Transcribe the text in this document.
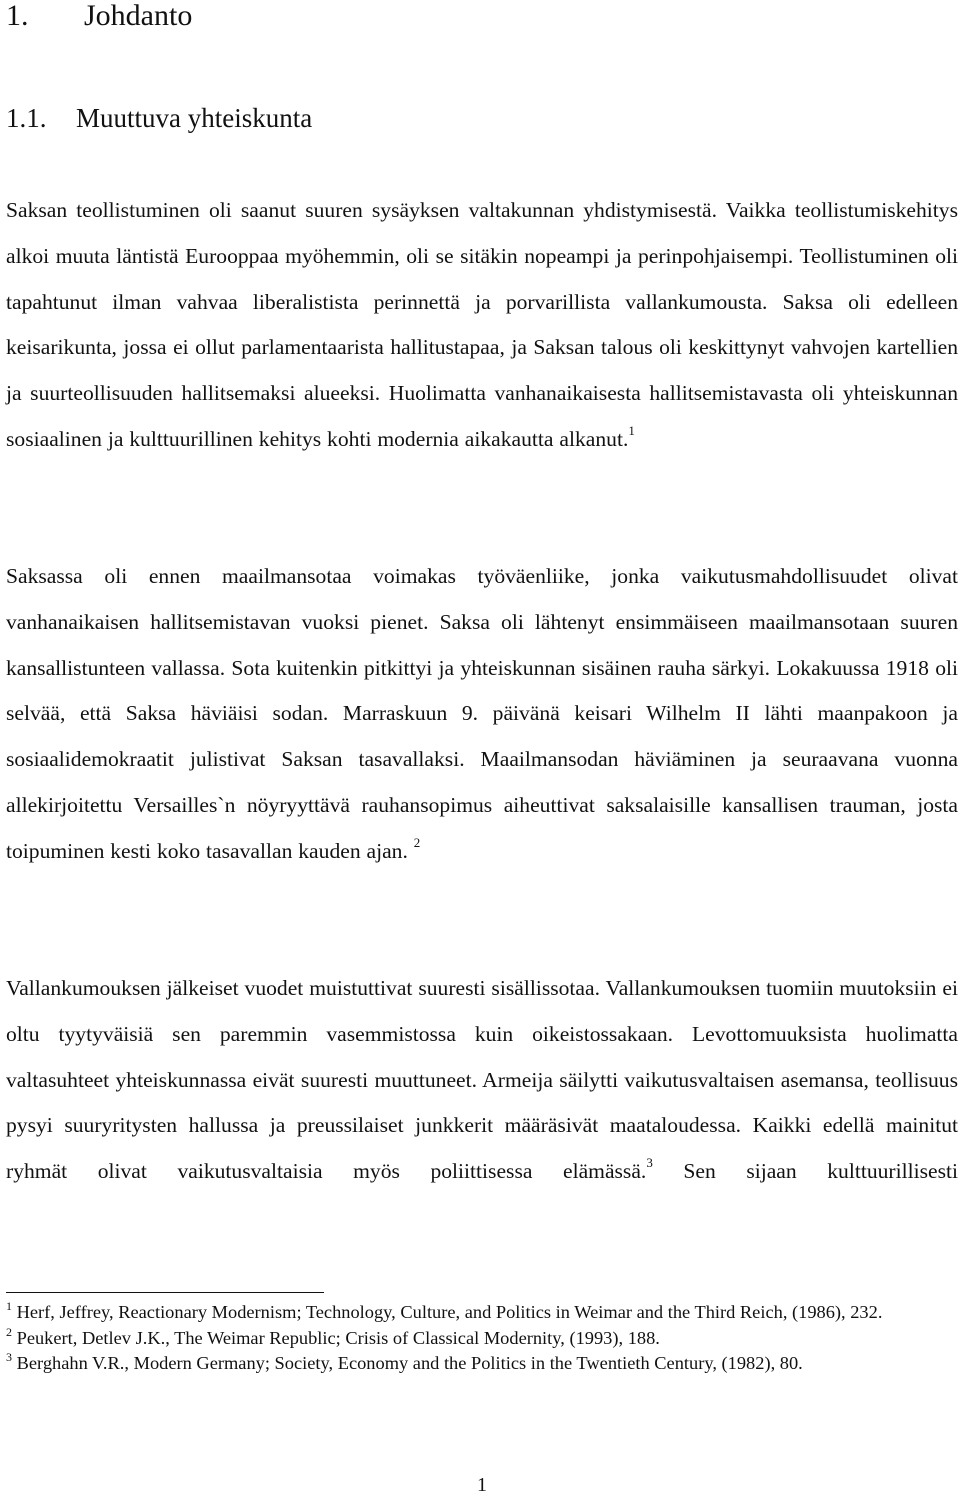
1. Johdanto
1.1. Muuttuva yhteiskunta

Saksan teollistuminen oli saanut suuren sysäyksen valtakunnan yhdistymisestä. Vaikka teollistumiskehitys alkoi muuta läntistä Eurooppaa myöhemmin, oli se sitäkin nopeampi ja perinpohjaisempi. Teollistuminen oli tapahtunut ilman vahvaa liberalistista perinnettä ja porvarillista vallankumousta. Saksa oli edelleen keisarikunta, jossa ei ollut parlamentaarista hallitustapaa, ja Saksan talous oli keskittynyt vahvojen kartellien ja suurteollisuuden hallitsemaksi alueeksi. Huolimatta vanhanaikaisesta hallitsemistavasta oli yhteiskunnan sosiaalinen ja kulttuurillinen kehitys kohti modernia aikakautta alkanut.$^1$

Saksassa oli ennen maailmansotaa voimakas työväenliike, jonka vaikutusmahdollisuudet olivat vanhanaikaisen hallitsemistavan vuoksi pienet. Saksa oli lähtenyt ensimmäiseen maailmansotaan suuren kansallistunteen vallassa. Sota kuitenkin pitkittyi ja yhteiskunnan sisäinen rauha särkyi. Lokakuussa 1918 oli selvää, että Saksa häviäisi sodan. Marraskuun 9. päivänä keisari Wilhelm II lähti maanpakoon ja sosiaalidemokraatit julistivat Saksan tasavallaksi. Maailmansodan häviäminen ja seuraavana vuonna allekirjoitettu Versailles`n nöyryyttävä rauhansopimus aiheuttivat saksalaisille kansallisen trauman, josta toipuminen kesti koko tasavallan kauden ajan. $^2$

Vallankumouksen jälkeiset vuodet muistuttivat suuresti sisällissotaa. Vallankumouksen tuomiin muutoksiin ei oltu tyytyväisiä sen paremmin vasemmistossa kuin oikeistossakaan. Levottomuuksista huolimatta valtasuhteet yhteiskunnassa eivät suuresti muuttuneet. Armeija säilytti vaikutusvaltaisen asemansa, teollisuus pysyi suuryritysten hallussa ja preussilaiset junkkerit määräsivät maataloudessa. Kaikki edellä mainitut ryhmät olivat vaikutusvaltaisia myös poliittisessa elämässä.$^3$ Sen sijaan kulttuurillisesti

$^1$ Herf, Jeffrey, Reactionary Modernism; Technology, Culture, and Politics in Weimar and the Third Reich, (1986), 232.

$^2$ Peukert, Detlev J.K., The Weimar Republic; Crisis of Classical Modernity, (1993), 188.

$^3$ Berghahn V.R., Modern Germany; Society, Economy and the Politics in the Twentieth Century, (1982), 80.

1
